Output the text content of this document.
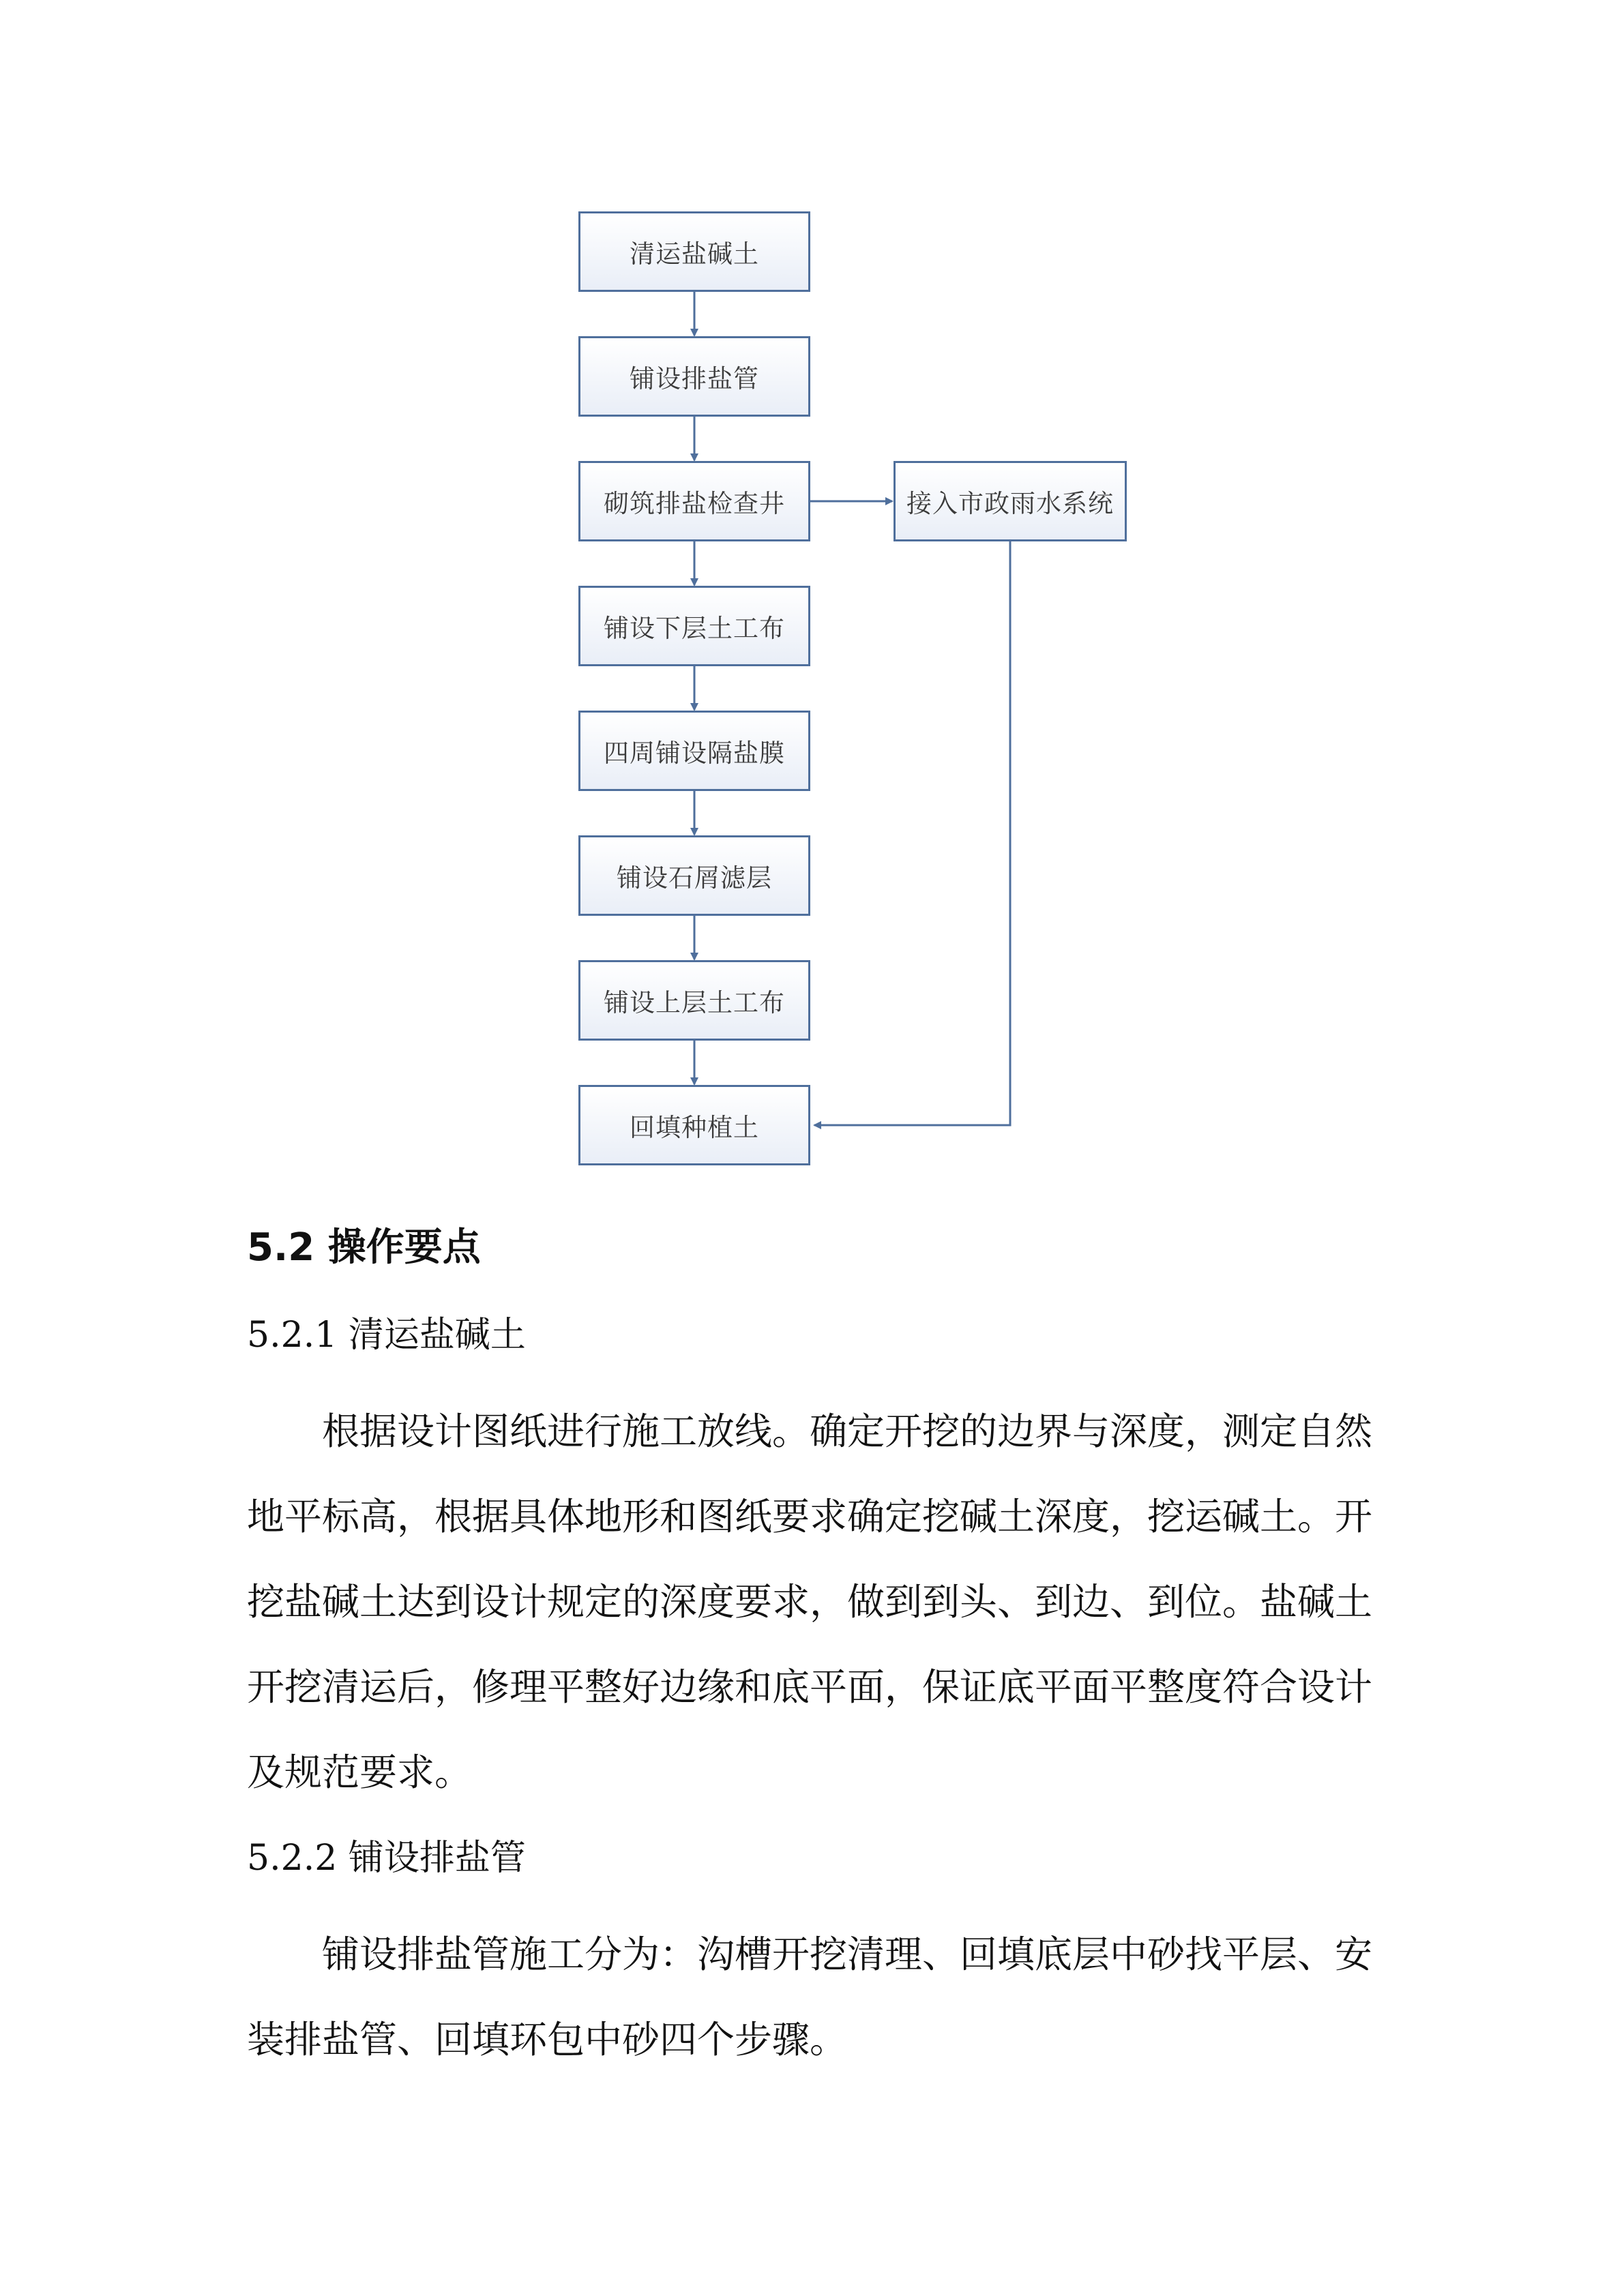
清运盐碱土
铺设排盐管
砌筑排盐检查井
铺设下层土工布
四周铺设隔盐膜
铺设石屑滤层
铺设上层土工布
回填种植土
接入市政雨水系统
5.2 操作要点
5.2.1 清运盐碱土
根据设计图纸进行施工放线。确定开挖的边界与深度，测定自然
地平标高，根据具体地形和图纸要求确定挖碱土深度，挖运碱土。开
挖盐碱土达到设计规定的深度要求，做到到头、到边、到位。盐碱土
开挖清运后，修理平整好边缘和底平面，保证底平面平整度符合设计
及规范要求。
5.2.2 铺设排盐管
铺设排盐管施工分为：沟槽开挖清理、回填底层中砂找平层、安
装排盐管、回填环包中砂四个步骤。
